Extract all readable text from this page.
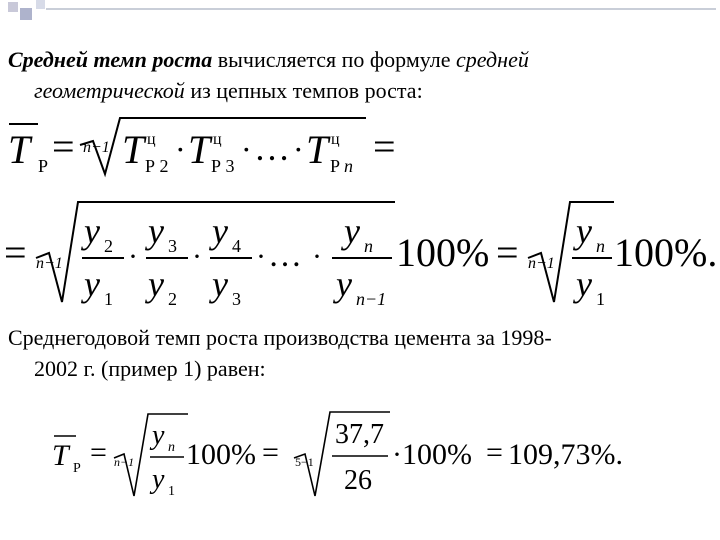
Средней темп роста вычисляется по формуле средней
геометрической из цепных темпов роста:
T Р = n−1 T ц
Р 2 · T ц
Р 3 · … · T ц
Р n =
= n−1
y 2
y 1
·
y 3
y 2
·
y 4
y 3
· … ·
y n
y n−1
100% = n−1
y n
y 1
100%.
T Р = n−1
y n
y 1
100% = 5−1
37,7
26
·100% = 109,73%.
Среднегодовой темп роста производства цемента за 1998-
2002 г. (пример 1) равен:
